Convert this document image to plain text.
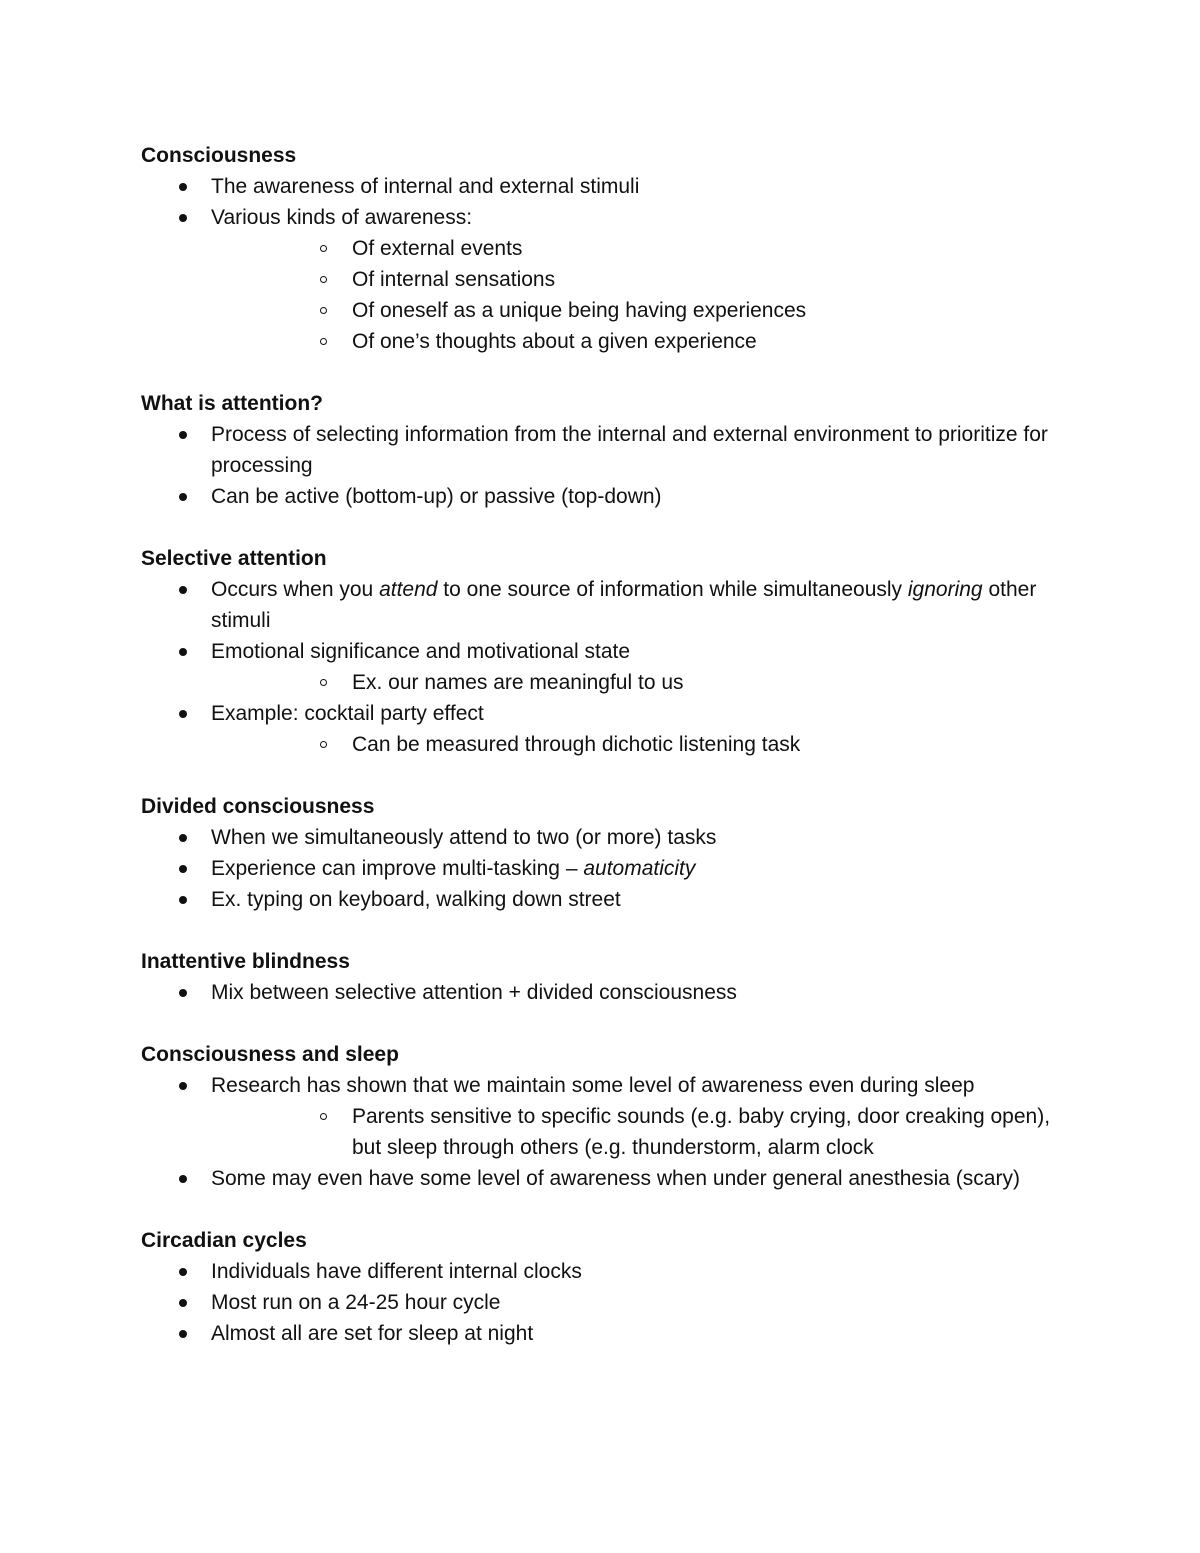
Consciousness
The awareness of internal and external stimuli
Various kinds of awareness:
Of external events
Of internal sensations
Of oneself as a unique being having experiences
Of one’s thoughts about a given experience
What is attention?
Process of selecting information from the internal and external environment to prioritize for processing
Can be active (bottom-up) or passive (top-down)
Selective attention
Occurs when you attend to one source of information while simultaneously ignoring other stimuli
Emotional significance and motivational state
Ex. our names are meaningful to us
Example: cocktail party effect
Can be measured through dichotic listening task
Divided consciousness
When we simultaneously attend to two (or more) tasks
Experience can improve multi-tasking – automaticity
Ex. typing on keyboard, walking down street
Inattentive blindness
Mix between selective attention + divided consciousness
Consciousness and sleep
Research has shown that we maintain some level of awareness even during sleep
Parents sensitive to specific sounds (e.g. baby crying, door creaking open), but sleep through others (e.g. thunderstorm, alarm clock
Some may even have some level of awareness when under general anesthesia (scary)
Circadian cycles
Individuals have different internal clocks
Most run on a 24-25 hour cycle
Almost all are set for sleep at night
